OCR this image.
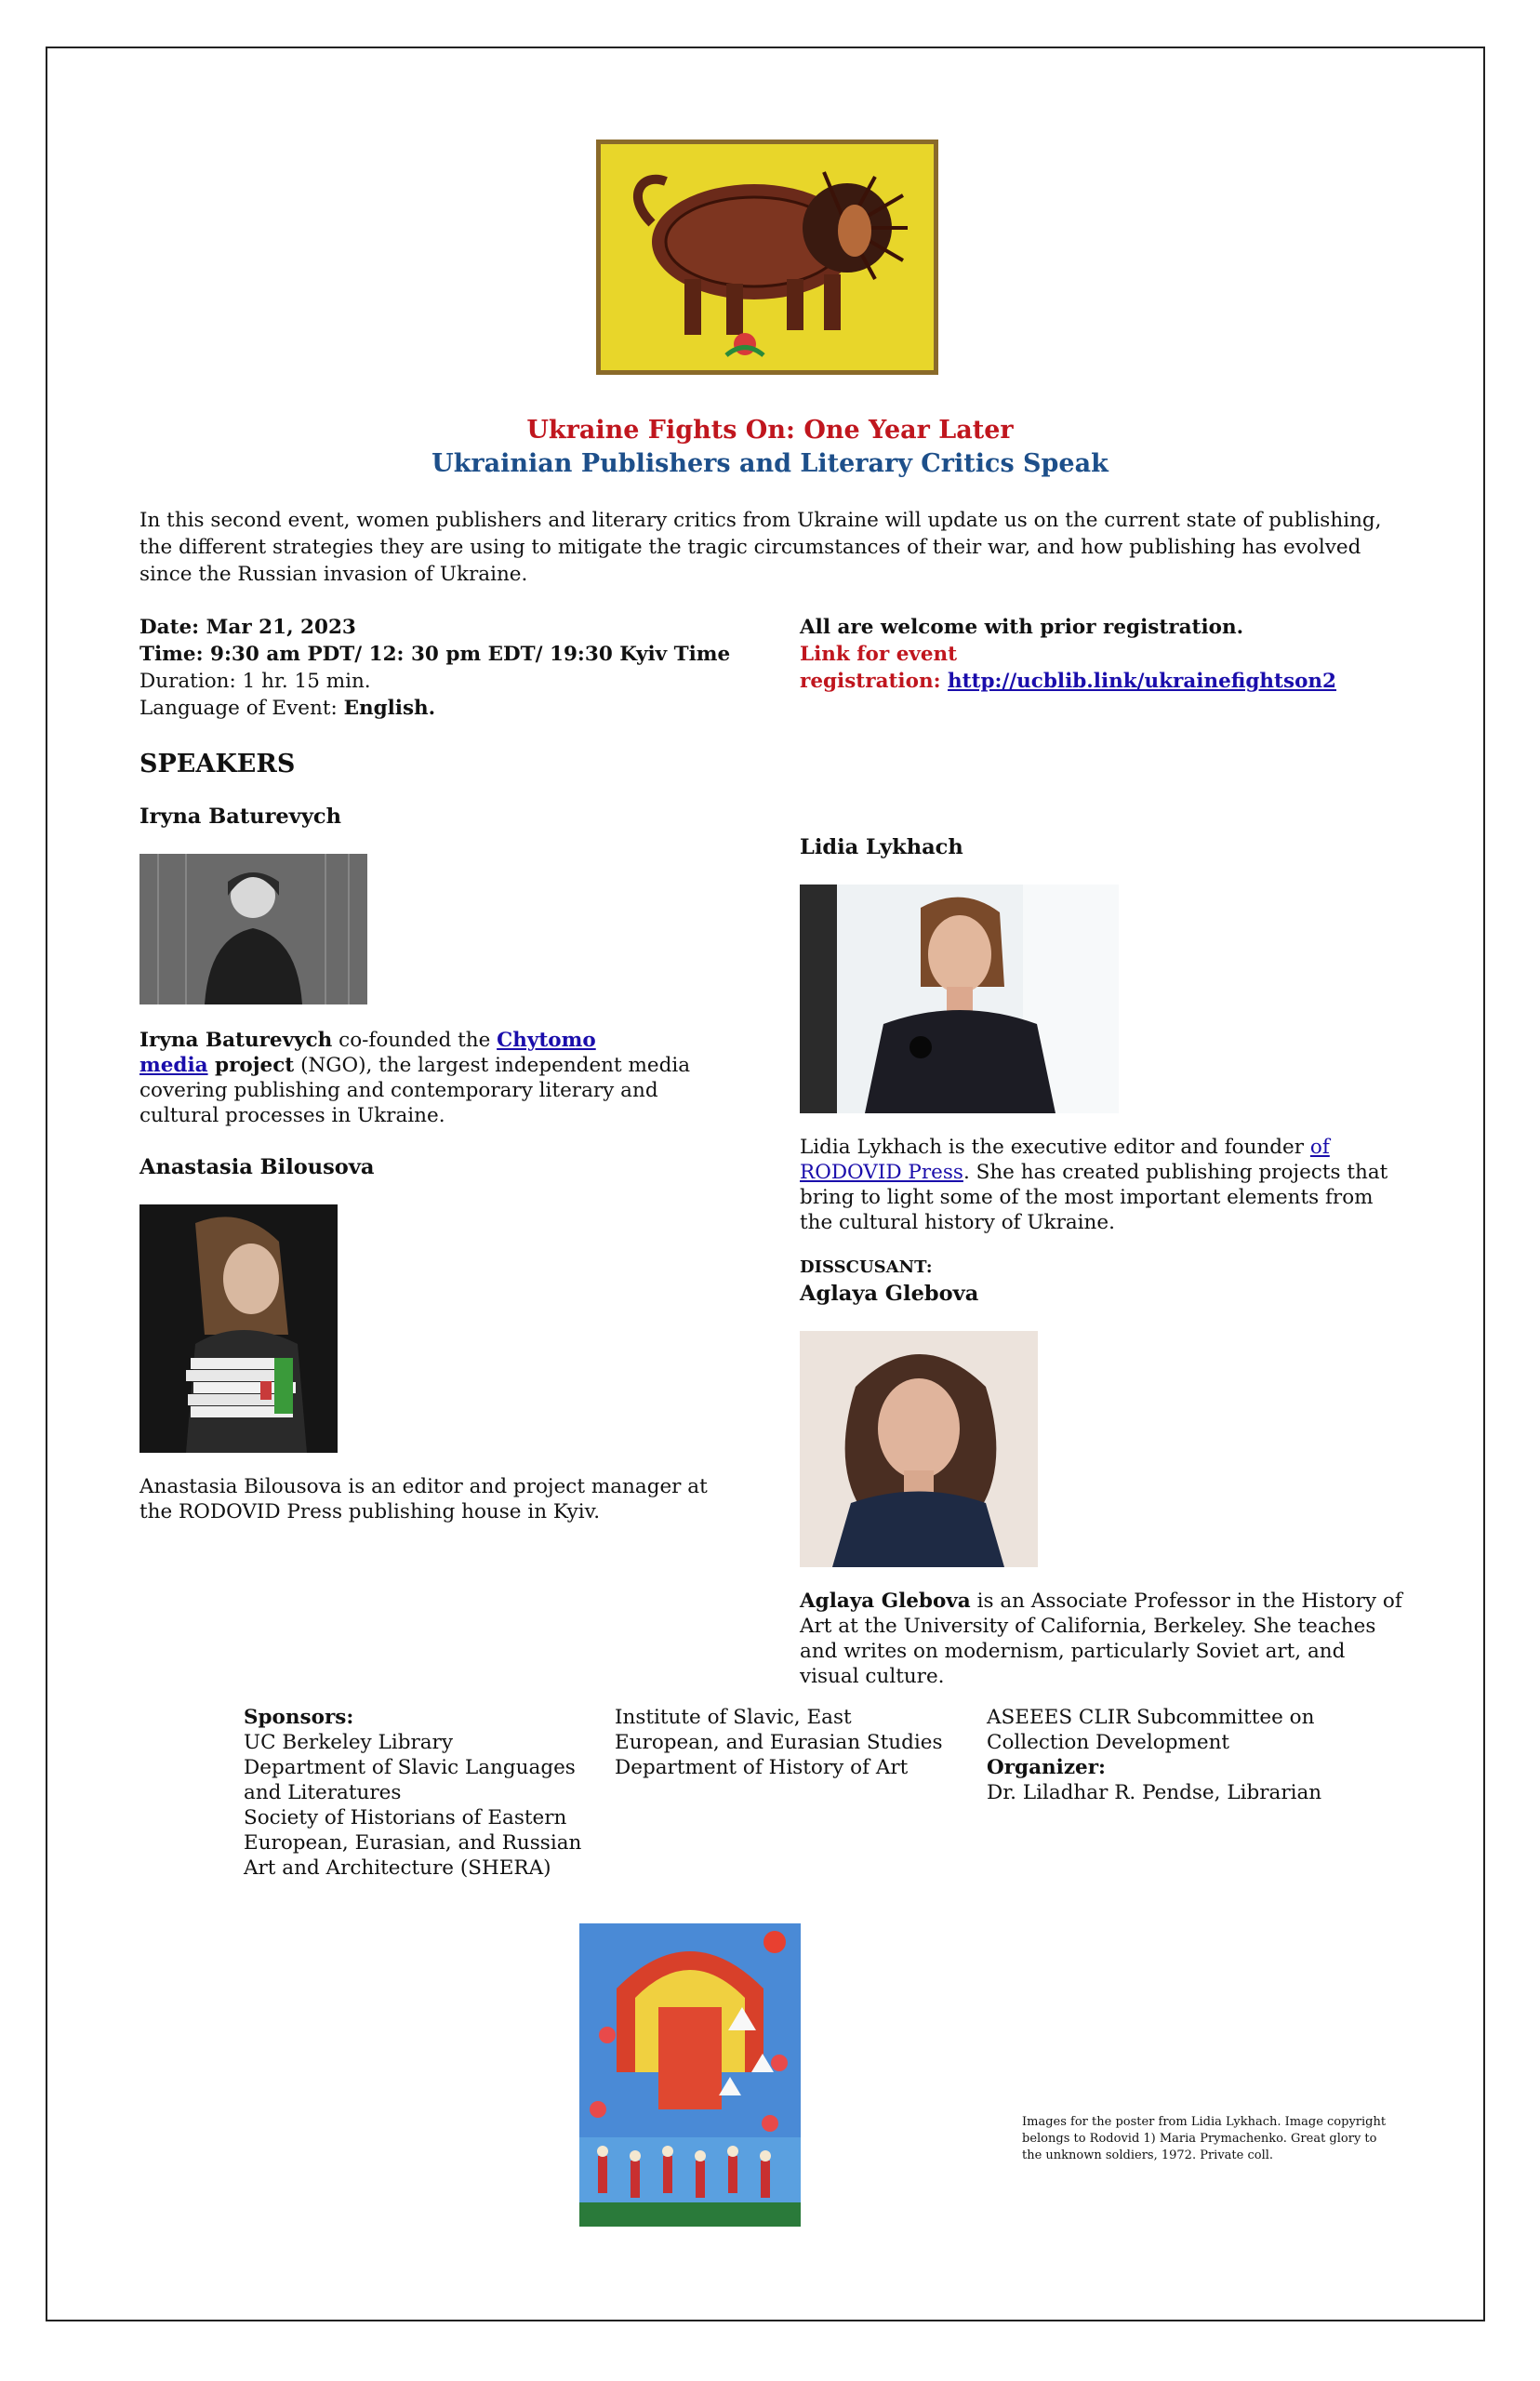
Ukraine Fights On: One Year Later
Ukrainian Publishers and Literary Critics Speak
In this second event, women publishers and literary critics from Ukraine will update us on the current state of publishing, the different strategies they are using to mitigate the tragic circumstances of their war, and how publishing has evolved since the Russian invasion of Ukraine.
Date: Mar 21, 2023
Time: 9:30 am PDT/ 12: 30 pm EDT/ 19:30 Kyiv Time
Duration: 1 hr. 15 min.
Language of Event: English.
All are welcome with prior registration.
Link for event
registration: http://ucblib.link/ukrainefightson2
SPEAKERS
Iryna Baturevych
Iryna Baturevych co-founded the Chytomo
media project (NGO), the largest independent media covering publishing and contemporary literary and cultural processes in Ukraine.
Anastasia Bilousova
Anastasia Bilousova is an editor and project manager at the RODOVID Press publishing house in Kyiv.
Lidia Lykhach
Lidia Lykhach is the executive editor and founder of RODOVID Press. She has created publishing projects that bring to light some of the most important elements from the cultural history of Ukraine.
DISSCUSANT:
Aglaya Glebova
Aglaya Glebova is an Associate Professor in the History of Art at the University of California, Berkeley. She teaches and writes on modernism, particularly Soviet art, and visual culture.
Sponsors:
UC Berkeley Library
Department of Slavic Languages
and Literatures
Society of Historians of Eastern
European, Eurasian, and Russian
Art and Architecture (SHERA)
Institute of Slavic, East
European, and Eurasian Studies
Department of History of Art
ASEEES CLIR Subcommittee on
Collection Development
Organizer:
Dr. Liladhar R. Pendse, Librarian
Images for the poster from Lidia Lykhach. Image copyright belongs to Rodovid 1) Maria Prymachenko. Great glory to the unknown soldiers, 1972. Private coll.
